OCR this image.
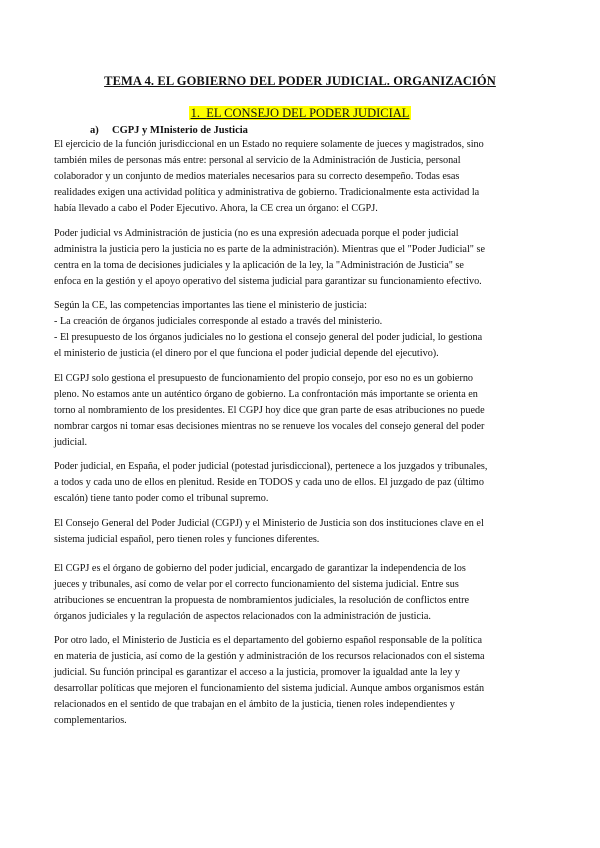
TEMA 4. EL GOBIERNO DEL PODER JUDICIAL. ORGANIZACIÓN
1. EL CONSEJO DEL PODER JUDICIAL
a) CGPJ y MInisterio de Justicia
El ejercicio de la función jurisdiccional en un Estado no requiere solamente de jueces y magistrados, sino
también miles de personas más entre: personal al servicio de la Administración de Justicia, personal
colaborador y un conjunto de medios materiales necesarios para su correcto desempeño. Todas esas
realidades exigen una actividad política y administrativa de gobierno. Tradicionalmente esta actividad la
había llevado a cabo el Poder Ejecutivo. Ahora, la CE crea un órgano: el CGPJ.
Poder judicial vs Administración de justicia (no es una expresión adecuada porque el poder judicial
administra la justicia pero la justicia no es parte de la administración). Mientras que el "Poder Judicial" se
centra en la toma de decisiones judiciales y la aplicación de la ley, la "Administración de Justicia" se
enfoca en la gestión y el apoyo operativo del sistema judicial para garantizar su funcionamiento efectivo.
Según la CE, las competencias importantes las tiene el ministerio de justicia:
- La creación de órganos judiciales corresponde al estado a través del ministerio.
- El presupuesto de los órganos judiciales no lo gestiona el consejo general del poder judicial, lo gestiona
el ministerio de justicia (el dinero por el que funciona el poder judicial depende del ejecutivo).
El CGPJ solo gestiona el presupuesto de funcionamiento del propio consejo, por eso no es un gobierno
pleno. No estamos ante un auténtico órgano de gobierno. La confrontación más importante se orienta en
torno al nombramiento de los presidentes. El CGPJ hoy dice que gran parte de esas atribuciones no puede
nombrar cargos ni tomar esas decisiones mientras no se renueve los vocales del consejo general del poder
judicial.
Poder judicial, en España, el poder judicial (potestad jurisdiccional), pertenece a los juzgados y tribunales,
a todos y cada uno de ellos en plenitud. Reside en TODOS y cada uno de ellos. El juzgado de paz (último
escalón) tiene tanto poder como el tribunal supremo.
El Consejo General del Poder Judicial (CGPJ) y el Ministerio de Justicia son dos instituciones clave en el
sistema judicial español, pero tienen roles y funciones diferentes.
El CGPJ es el órgano de gobierno del poder judicial, encargado de garantizar la independencia de los
jueces y tribunales, así como de velar por el correcto funcionamiento del sistema judicial. Entre sus
atribuciones se encuentran la propuesta de nombramientos judiciales, la resolución de conflictos entre
órganos judiciales y la regulación de aspectos relacionados con la administración de justicia.
Por otro lado, el Ministerio de Justicia es el departamento del gobierno español responsable de la política
en materia de justicia, así como de la gestión y administración de los recursos relacionados con el sistema
judicial. Su función principal es garantizar el acceso a la justicia, promover la igualdad ante la ley y
desarrollar políticas que mejoren el funcionamiento del sistema judicial. Aunque ambos organismos están
relacionados en el sentido de que trabajan en el ámbito de la justicia, tienen roles independientes y
complementarios.
